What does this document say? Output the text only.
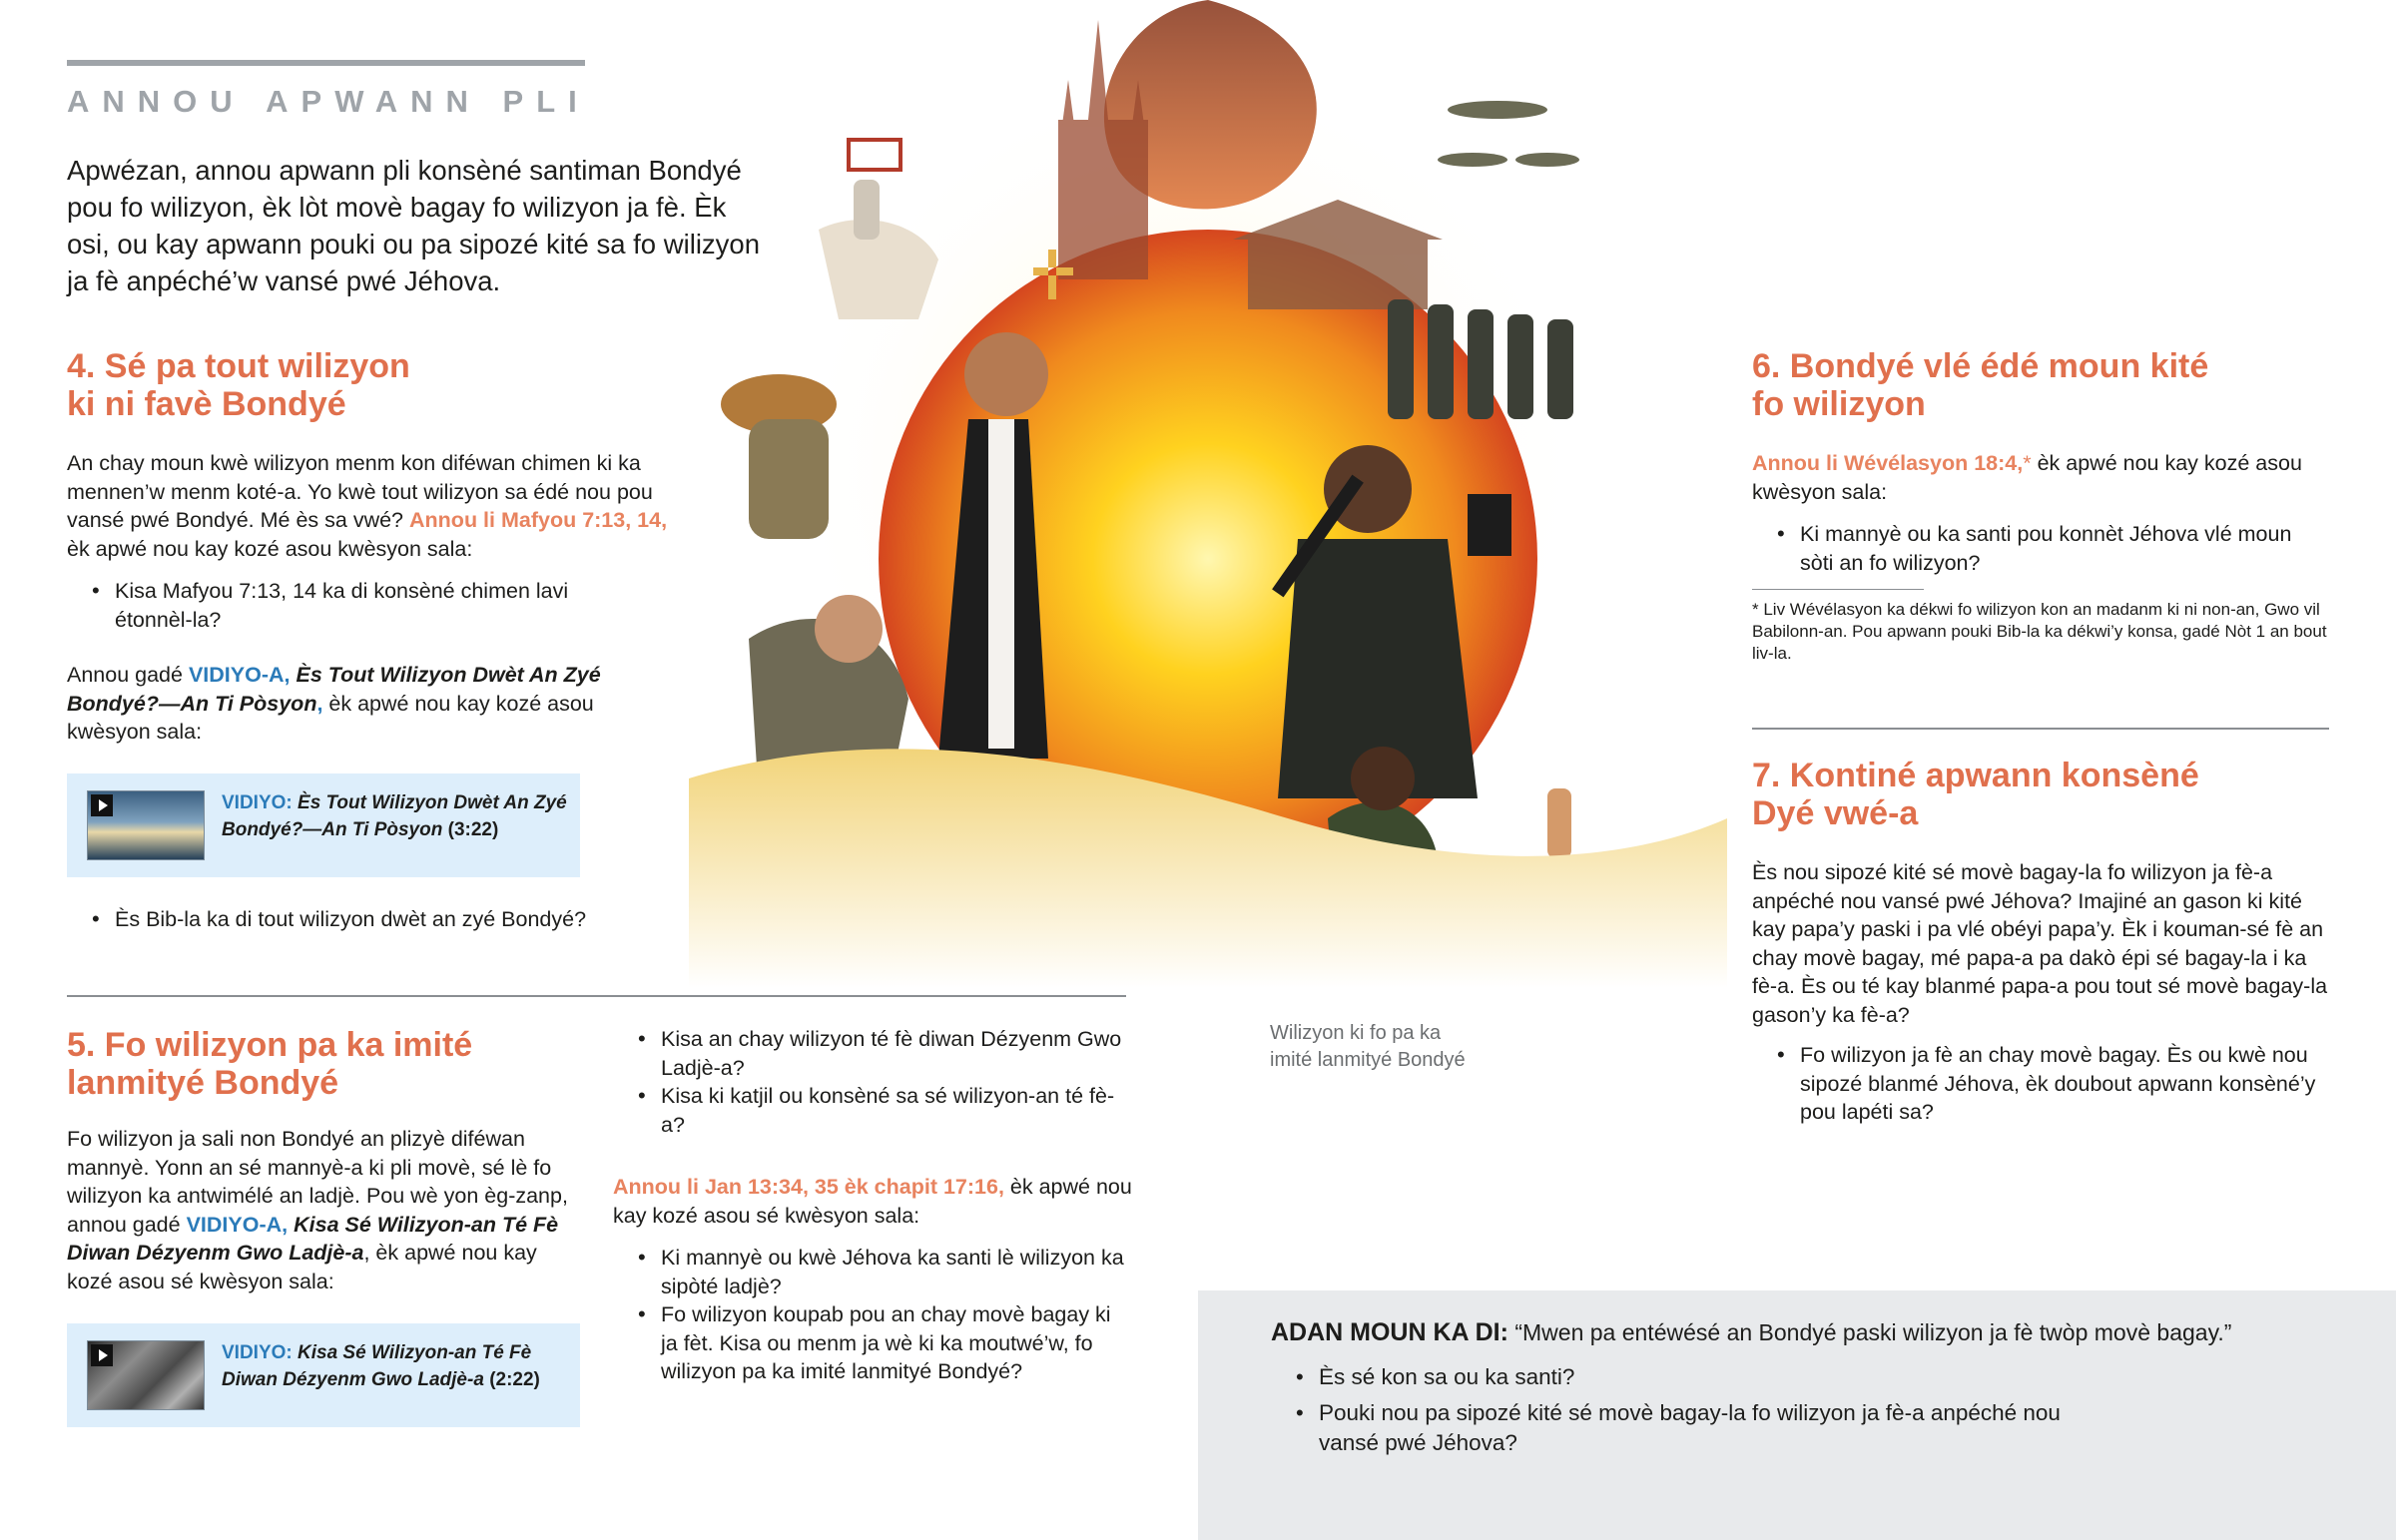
ANNOU APWANN PLI
Apwézan, annou apwann pli konsèné santiman Bondyé pou fo wilizyon, èk lòt movè bagay fo wilizyon ja fè. Èk osi, ou kay apwann pouki ou pa sipozé kité sa fo wilizyon ja fè anpéché’w vansé pwé Jéhova.

4. Sé pa tout wilizyon

ki ni favè Bondyé

An chay moun kwè wilizyon menm kon diféwan chimen ki ka mennen’w menm koté-a. Yo kwè tout wilizyon sa édé nou pou vansé pwé Bondyé. Mé ès sa vwé? Annou li Mafyou 7:13, 14, èk apwé nou kay kozé asou kwèsyon sala:

• Kisa Mafyou 7:13, 14 ka di konsèné chimen lavi étonnèl-la?

Annou gadé VIDIYO-A, Ès Tout Wilizyon Dwèt An Zyé Bondyé?—An Ti Pòsyon, èk apwé nou kay kozé asou kwèsyon sala:

VIDIYO: Ès Tout Wilizyon Dwèt An Zyé Bondyé?—An Ti Pòsyon (3:22)
• Ès Bib-la ka di tout wilizyon dwèt an zyé Bondyé?

5. Fo wilizyon pa ka imité

lanmityé Bondyé

Fo wilizyon ja sali non Bondyé an plizyè diféwan mannyè. Yonn an sé mannyè-a ki pli movè, sé lè fo wilizyon ka antwimélé an ladjè. Pou wè yon èg-zanp, annou gadé VIDIYO-A, Kisa Sé Wilizyon-an Té Fè Diwan Dézyenm Gwo Ladjè-a, èk apwé nou kay kozé asou sé kwèsyon sala:

VIDIYO: Kisa Sé Wilizyon-an Té Fè Diwan Dézyenm Gwo Ladjè-a (2:22)
• Kisa an chay wilizyon té fè diwan Dézyenm Gwo Ladjè-a?
• Kisa ki katjil ou konsèné sa sé wilizyon-an té fè-a?

Annou li Jan 13:34, 35 èk chapit 17:16, èk apwé nou kay kozé asou sé kwèsyon sala:

• Ki mannyè ou kwè Jéhova ka santi lè wilizyon ka sipòté ladjè?
• Fo wilizyon koupab pou an chay movè bagay ki ja fèt. Kisa ou menm ja wè ki ka moutwé’w, fo wilizyon pa ka imité lanmityé Bondyé?
Wilizyon ki fo pa ka
imité lanmityé Bondyé

6. Bondyé vlé édé moun kité

fo wilizyon

Annou li Wévélasyon 18:4,* èk apwé nou kay kozé asou kwèsyon sala:

• Ki mannyè ou ka santi pou konnèt Jéhova vlé moun sòti an fo wilizyon?
* Liv Wévélasyon ka dékwi fo wilizyon kon an madanm ki ni non-an, Gwo vil Babilonn-an. Pou apwann pouki Bib-la ka dékwi’y konsa, gadé Nòt 1 an bout liv-la.

7. Kontiné apwann konsèné

Dyé vwé-a

Ès nou sipozé kité sé movè bagay-la fo wilizyon ja fè-a anpéché nou vansé pwé Jéhova? Imajiné an gason ki kité kay papa’y paski i pa vlé obéyi papa’y. Èk i kouman-sé fè an chay movè bagay, mé papa-a pa dakò épi sé bagay-la i ka fè-a. Ès ou té kay blanmé papa-a pou tout sé movè bagay-la gason’y ka fè-a?

• Fo wilizyon ja fè an chay movè bagay. Ès ou kwè nou sipozé blanmé Jéhova, èk doubout apwann konsèné’y pou lapéti sa?

ADAN MOUN KA DI: “Mwen pa entéwésé an Bondyé paski wilizyon ja fè twòp movè bagay.”

• Ès sé kon sa ou ka santi?
• Pouki nou pa sipozé kité sé movè bagay-la fo wilizyon ja fè-a anpéché nou vansé pwé Jéhova?
